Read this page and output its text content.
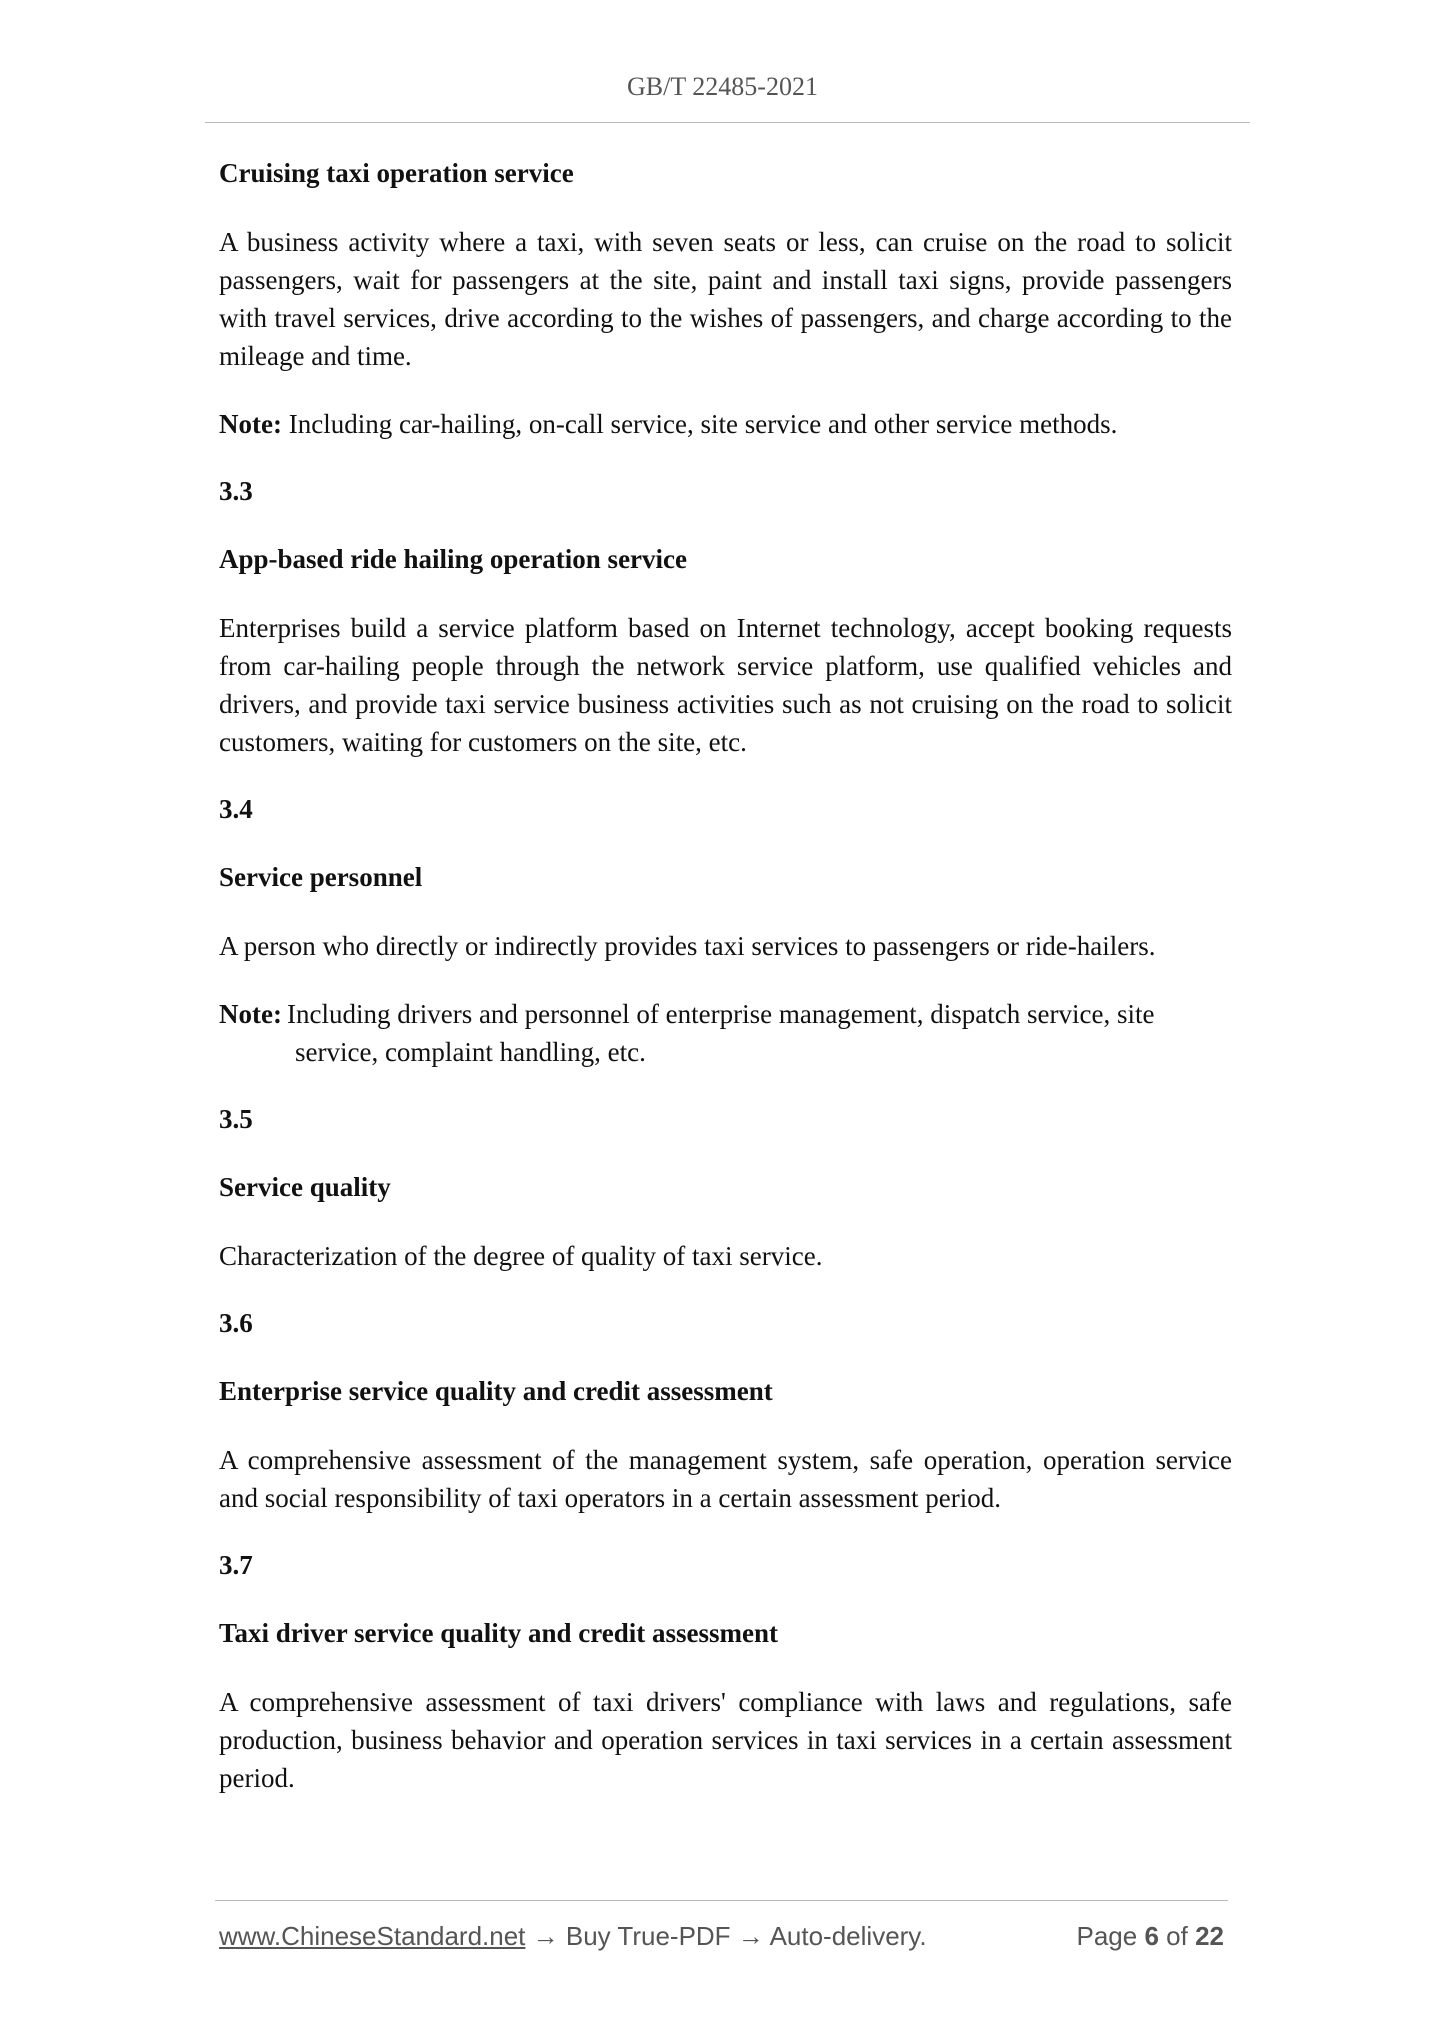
GB/T 22485-2021
Cruising taxi operation service

A business activity where a taxi, with seven seats or less, can cruise on the road to solicit passengers, wait for passengers at the site, paint and install taxi signs, provide passengers with travel services, drive according to the wishes of passengers, and charge according to the mileage and time.

Note: Including car-hailing, on-call service, site service and other service methods.

3.3
App-based ride hailing operation service

Enterprises build a service platform based on Internet technology, accept booking requests from car-hailing people through the network service platform, use qualified vehicles and drivers, and provide taxi service business activities such as not cruising on the road to solicit customers, waiting for customers on the site, etc.

3.4
Service personnel

A person who directly or indirectly provides taxi services to passengers or ride-hailers.

Note: Including drivers and personnel of enterprise management, dispatch service, site service, complaint handling, etc.

3.5
Service quality

Characterization of the degree of quality of taxi service.

3.6
Enterprise service quality and credit assessment

A comprehensive assessment of the management system, safe operation, operation service and social responsibility of taxi operators in a certain assessment period.

3.7
Taxi driver service quality and credit assessment

A comprehensive assessment of taxi drivers' compliance with laws and regulations, safe production, business behavior and operation services in taxi services in a certain assessment period.

www.ChineseStandard.net → Buy True-PDF → Auto-delivery.	Page 6 of 22
